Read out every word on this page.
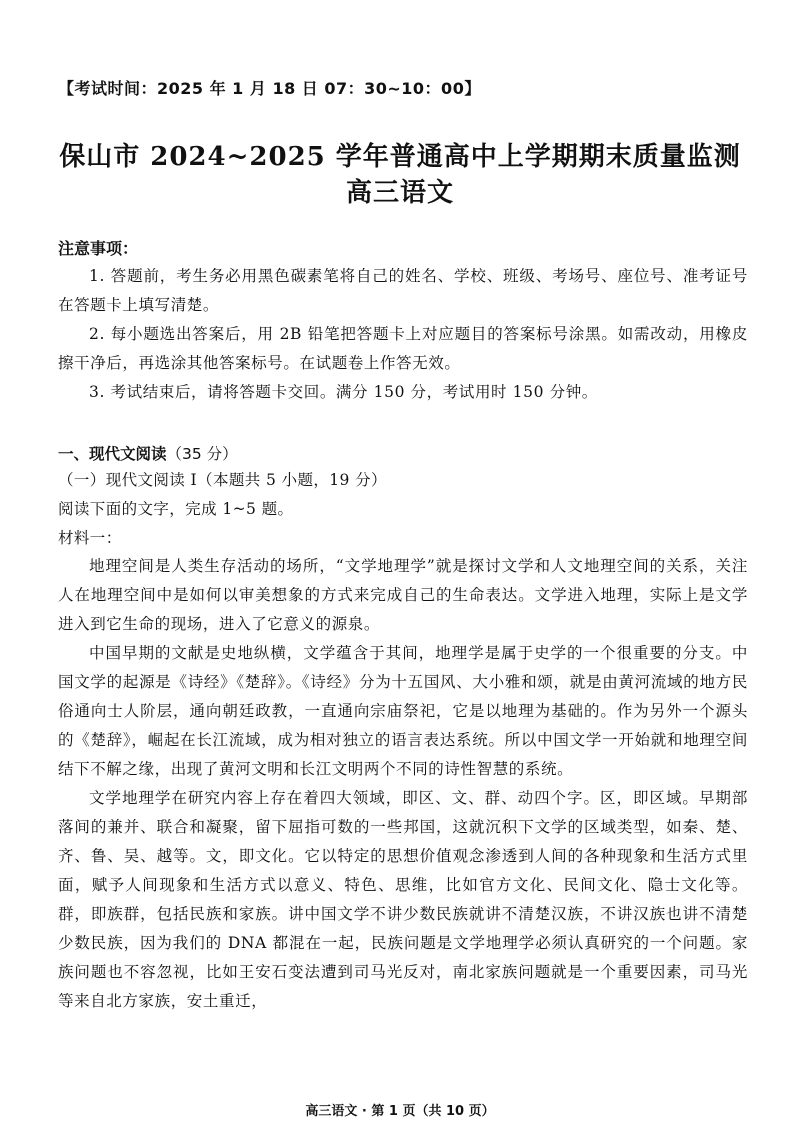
【考试时间：2025 年 1 月 18 日 07：30~10：00】
保山市 2024~2025 学年普通高中上学期期末质量监测
高三语文
注意事项：

1. 答题前，考生务必用黑色碳素笔将自己的姓名、学校、班级、考场号、座位号、准考证号在答题卡上填写清楚。

2. 每小题选出答案后，用 2B 铅笔把答题卡上对应题目的答案标号涂黑。如需改动，用橡皮擦干净后，再选涂其他答案标号。在试题卷上作答无效。

3. 考试结束后，请将答题卡交回。满分 150 分，考试用时 150 分钟。

一、现代文阅读（35 分）
（一）现代文阅读 I（本题共 5 小题，19 分）
阅读下面的文字，完成 1~5 题。
材料一：

地理空间是人类生存活动的场所，“文学地理学”就是探讨文学和人文地理空间的关系，关注人在地理空间中是如何以审美想象的方式来完成自己的生命表达。文学进入地理，实际上是文学进入到它生命的现场，进入了它意义的源泉。

中国早期的文献是史地纵横，文学蕴含于其间，地理学是属于史学的一个很重要的分支。中国文学的起源是《诗经》《楚辞》。《诗经》分为十五国风、大小雅和颂，就是由黄河流域的地方民俗通向士人阶层，通向朝廷政教，一直通向宗庙祭祀，它是以地理为基础的。作为另外一个源头的《楚辞》，崛起在长江流域，成为相对独立的语言表达系统。所以中国文学一开始就和地理空间结下不解之缘，出现了黄河文明和长江文明两个不同的诗性智慧的系统。

文学地理学在研究内容上存在着四大领域，即区、文、群、动四个字。区，即区域。早期部落间的兼并、联合和凝聚，留下屈指可数的一些邦国，这就沉积下文学的区域类型，如秦、楚、齐、鲁、吴、越等。文，即文化。它以特定的思想价值观念渗透到人间的各种现象和生活方式里面，赋予人间现象和生活方式以意义、特色、思维，比如官方文化、民间文化、隐士文化等。群，即族群，包括民族和家族。讲中国文学不讲少数民族就讲不清楚汉族，不讲汉族也讲不清楚少数民族，因为我们的 DNA 都混在一起，民族问题是文学地理学必须认真研究的一个问题。家族问题也不容忽视，比如王安石变法遭到司马光反对，南北家族问题就是一个重要因素，司马光等来自北方家族，安土重迁，

高三语文 · 第 1 页（共 10 页）
